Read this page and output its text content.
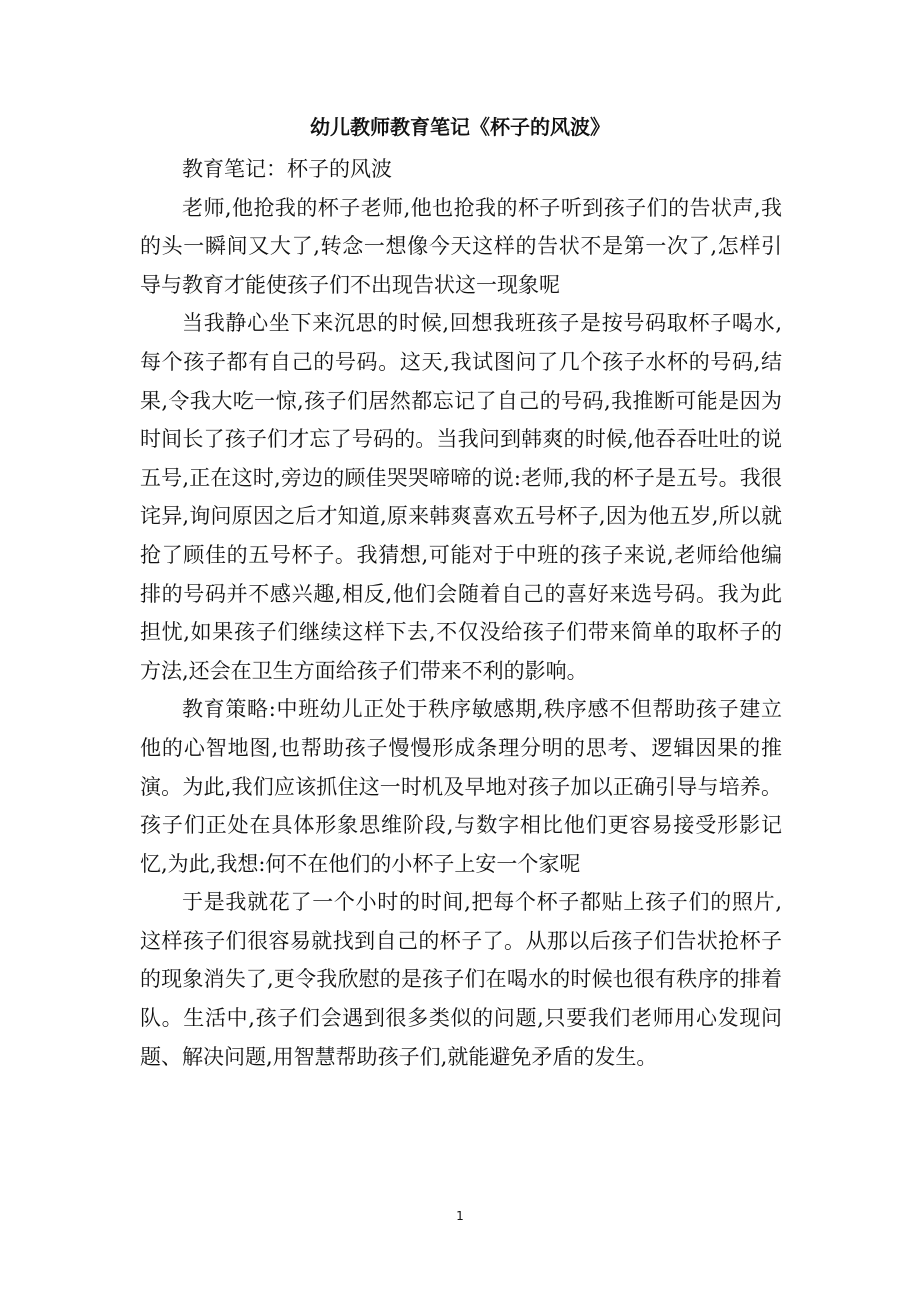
幼儿教师教育笔记《杯子的风波》

教育笔记：杯子的风波

老师,他抢我的杯子老师,他也抢我的杯子听到孩子们的告状声,我的头一瞬间又大了,转念一想像今天这样的告状不是第一次了,怎样引导与教育才能使孩子们不出现告状这一现象呢

当我静心坐下来沉思的时候,回想我班孩子是按号码取杯子喝水,每个孩子都有自己的号码。这天,我试图问了几个孩子水杯的号码,结果,令我大吃一惊,孩子们居然都忘记了自己的号码,我推断可能是因为时间长了孩子们才忘了号码的。当我问到韩爽的时候,他吞吞吐吐的说五号,正在这时,旁边的顾佳哭哭啼啼的说:老师,我的杯子是五号。我很诧异,询问原因之后才知道,原来韩爽喜欢五号杯子,因为他五岁,所以就抢了顾佳的五号杯子。我猜想,可能对于中班的孩子来说,老师给他编排的号码并不感兴趣,相反,他们会随着自己的喜好来选号码。我为此担忧,如果孩子们继续这样下去,不仅没给孩子们带来简单的取杯子的方法,还会在卫生方面给孩子们带来不利的影响。

教育策略:中班幼儿正处于秩序敏感期,秩序感不但帮助孩子建立他的心智地图,也帮助孩子慢慢形成条理分明的思考、逻辑因果的推演。为此,我们应该抓住这一时机及早地对孩子加以正确引导与培养。孩子们正处在具体形象思维阶段,与数字相比他们更容易接受形影记忆,为此,我想:何不在他们的小杯子上安一个家呢

于是我就花了一个小时的时间,把每个杯子都贴上孩子们的照片,这样孩子们很容易就找到自己的杯子了。从那以后孩子们告状抢杯子的现象消失了,更令我欣慰的是孩子们在喝水的时候也很有秩序的排着队。生活中,孩子们会遇到很多类似的问题,只要我们老师用心发现问题、解决问题,用智慧帮助孩子们,就能避免矛盾的发生。

1
